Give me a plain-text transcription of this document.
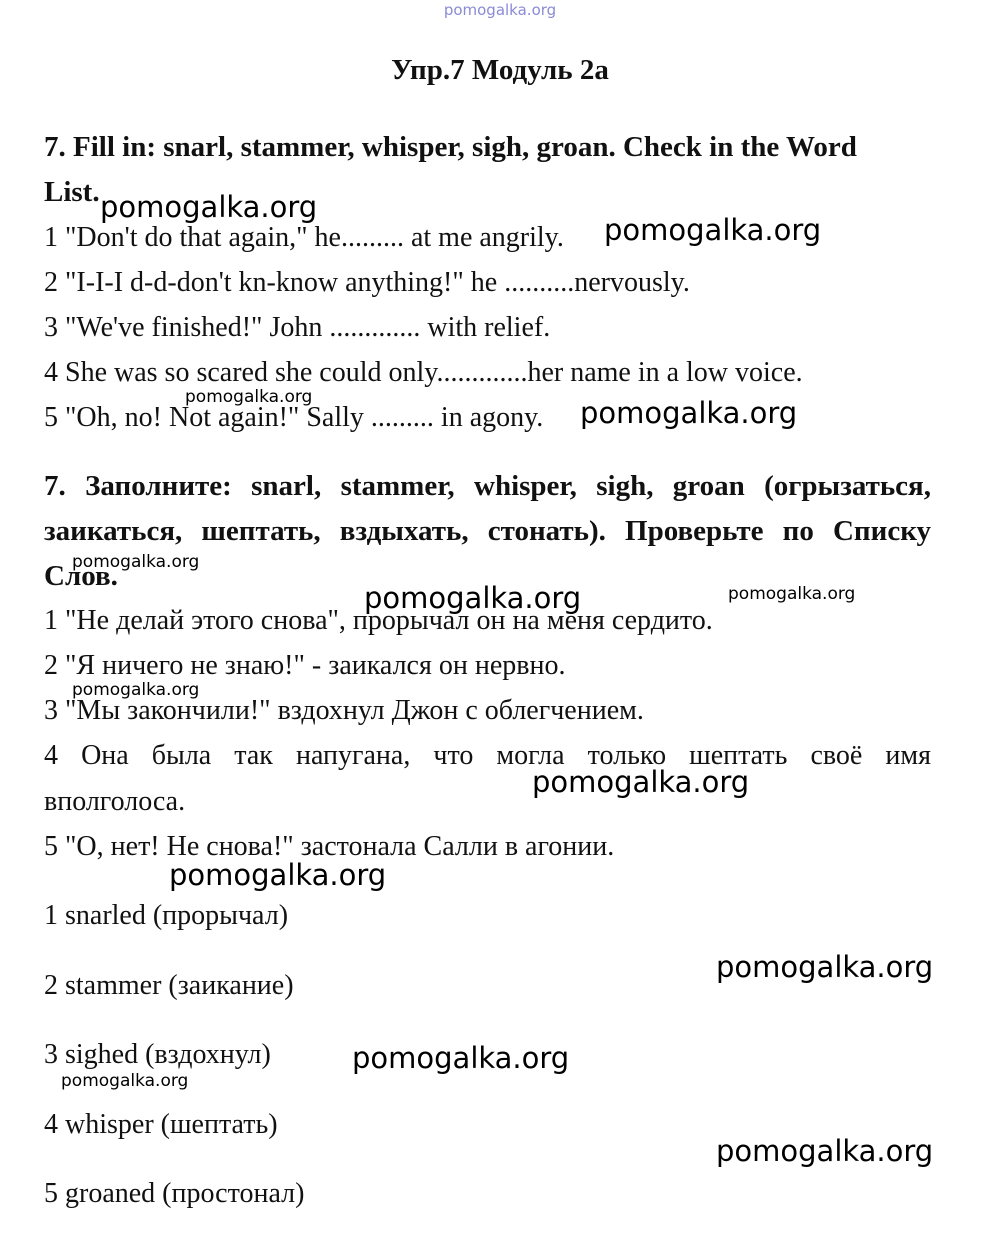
pomogalka.org
Упр.7 Модуль 2а
7. Fill in: snarl, stammer, whisper, sigh, groan. Check in the Word
List.
1 "Don't do that again," he......... at me angrily.
2 "I-I-I d-d-don't kn-know anything!" he ..........nervously.
3 "We've finished!" John ............. with relief.
4 She was so scared she could only.............her name in a low voice.
5 "Oh, no! Not again!" Sally ......... in agony.
7. Заполните: snarl, stammer, whisper, sigh, groan (огрызаться,
заикаться, шептать, вздыхать, стонать). Проверьте по Списку
Слов.
1 "Не делай этого снова", прорычал он на меня сердито.
2 "Я ничего не знаю!" - заикался он нервно.
3 "Мы закончили!" вздохнул Джон с облегчением.
4 Она была так напугана, что могла только шептать своё имя
вполголоса.
5 "О, нет! Не снова!" застонала Салли в агонии.
1 snarled (прорычал)
2 stammer (заикание)
3 sighed (вздохнул)
4 whisper (шептать)
5 groaned (простонал)
pomogalka.org
pomogalka.org
pomogalka.org	pomogalka.org
pomogalka.org
pomogalka.org	pomogalka.org
pomogalka.org
pomogalka.org
pomogalka.org
pomogalka.org
pomogalka.org
pomogalka.org
pomogalka.org
